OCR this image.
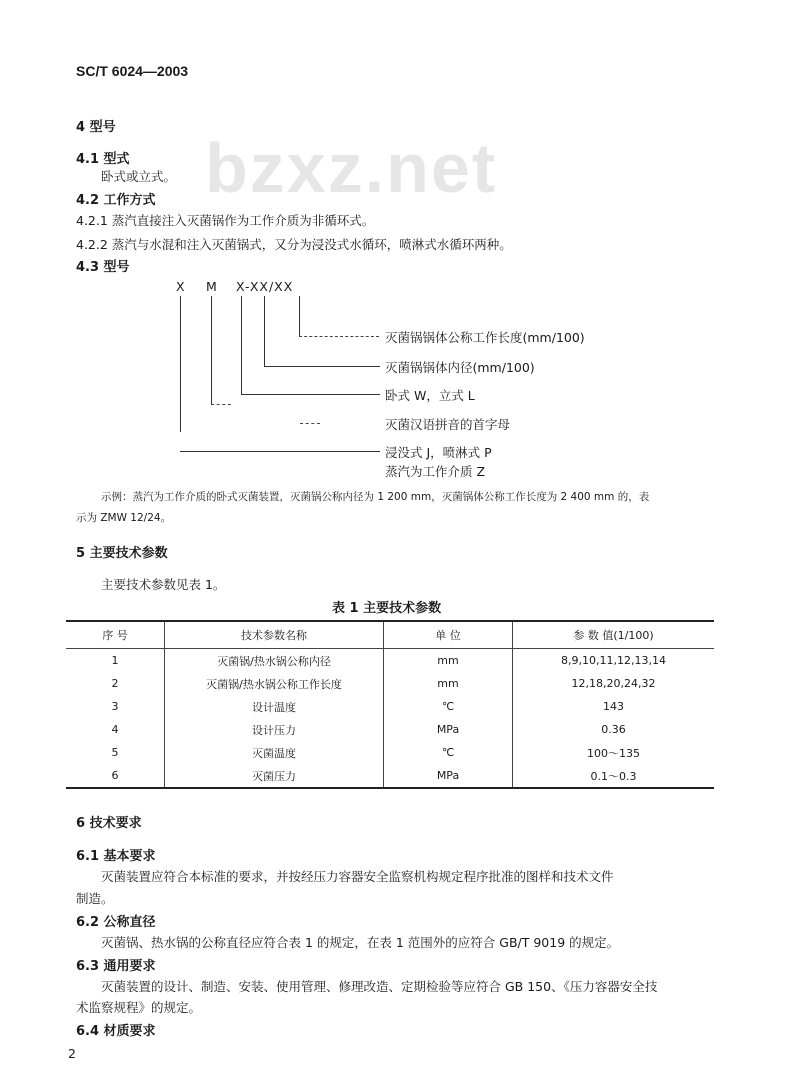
SC/T 6024—2003
bzxz.net
4 型号
4.1 型式
卧式或立式。
4.2 工作方式
4.2.1 蒸汽直接注入灭菌锅作为工作介质为非循环式。
4.2.2 蒸汽与水混和注入灭菌锅式，又分为浸没式水循环，喷淋式水循环两种。
4.3 型号
X M X-XX/XX
灭菌锅锅体公称工作长度(mm/100)
灭菌锅锅体内径(mm/100)
卧式 W，立式 L
灭菌汉语拼音的首字母
浸没式 J，喷淋式 P
蒸汽为工作介质 Z
示例：蒸汽为工作介质的卧式灭菌装置，灭菌锅公称内径为 1 200 mm，灭菌锅体公称工作长度为 2 400 mm 的，表
示为 ZMW 12/24。
5 主要技术参数
主要技术参数见表 1。
表 1 主要技术参数
序 号	技术参数名称	单 位	参 数 值(1/100)
1	灭菌锅/热水锅公称内径	mm	8,9,10,11,12,13,14
2	灭菌锅/热水锅公称工作长度	mm	12,18,20,24,32
3	设计温度	℃	143
4	设计压力	MPa	0.36
5	灭菌温度	℃	100～135
6	灭菌压力	MPa	0.1～0.3
6 技术要求
6.1 基本要求
灭菌装置应符合本标准的要求，并按经压力容器安全监察机构规定程序批准的图样和技术文件
制造。
6.2 公称直径
灭菌锅、热水锅的公称直径应符合表 1 的规定，在表 1 范围外的应符合 GB/T 9019 的规定。
6.3 通用要求
灭菌装置的设计、制造、安装、使用管理、修理改造、定期检验等应符合 GB 150、《压力容器安全技
术监察规程》的规定。
6.4 材质要求
2
